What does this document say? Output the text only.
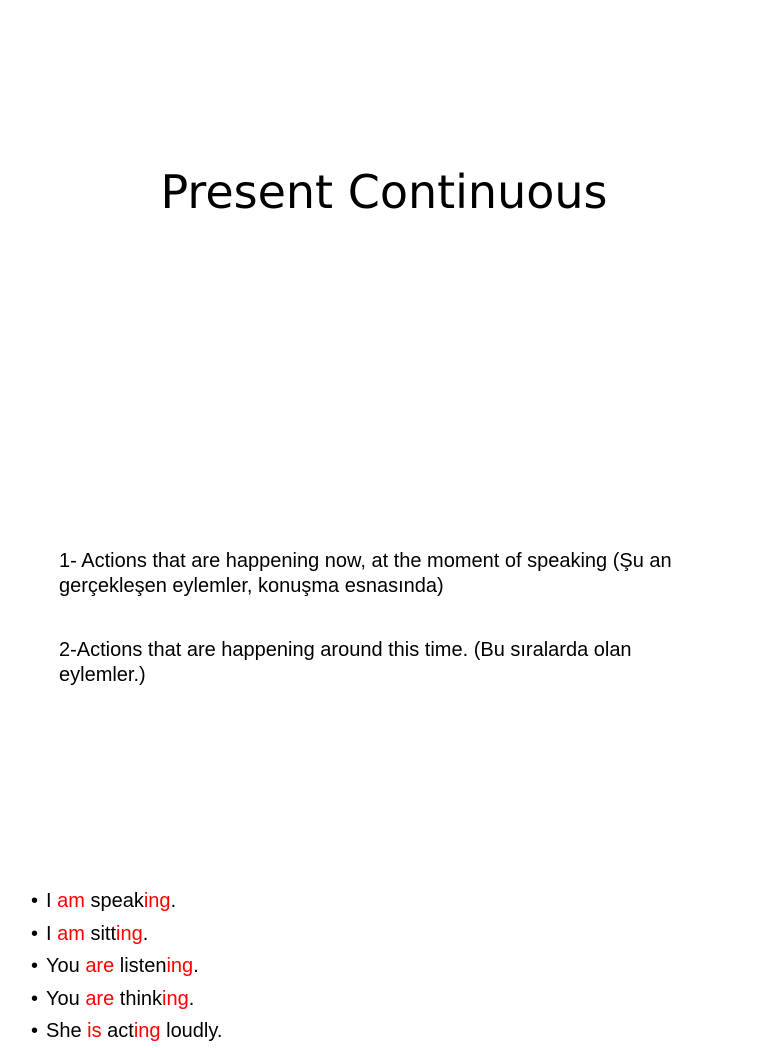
Present Continuous
1- Actions that are happening now, at the moment of speaking (Şu an gerçekleşen eylemler, konuşma esnasında)
2-Actions that are happening around this time. (Bu sıralarda olan eylemler.)
• I am speaking.
• I am sitting.
• You are listening.
• You are thinking.
• She is acting loudly.
